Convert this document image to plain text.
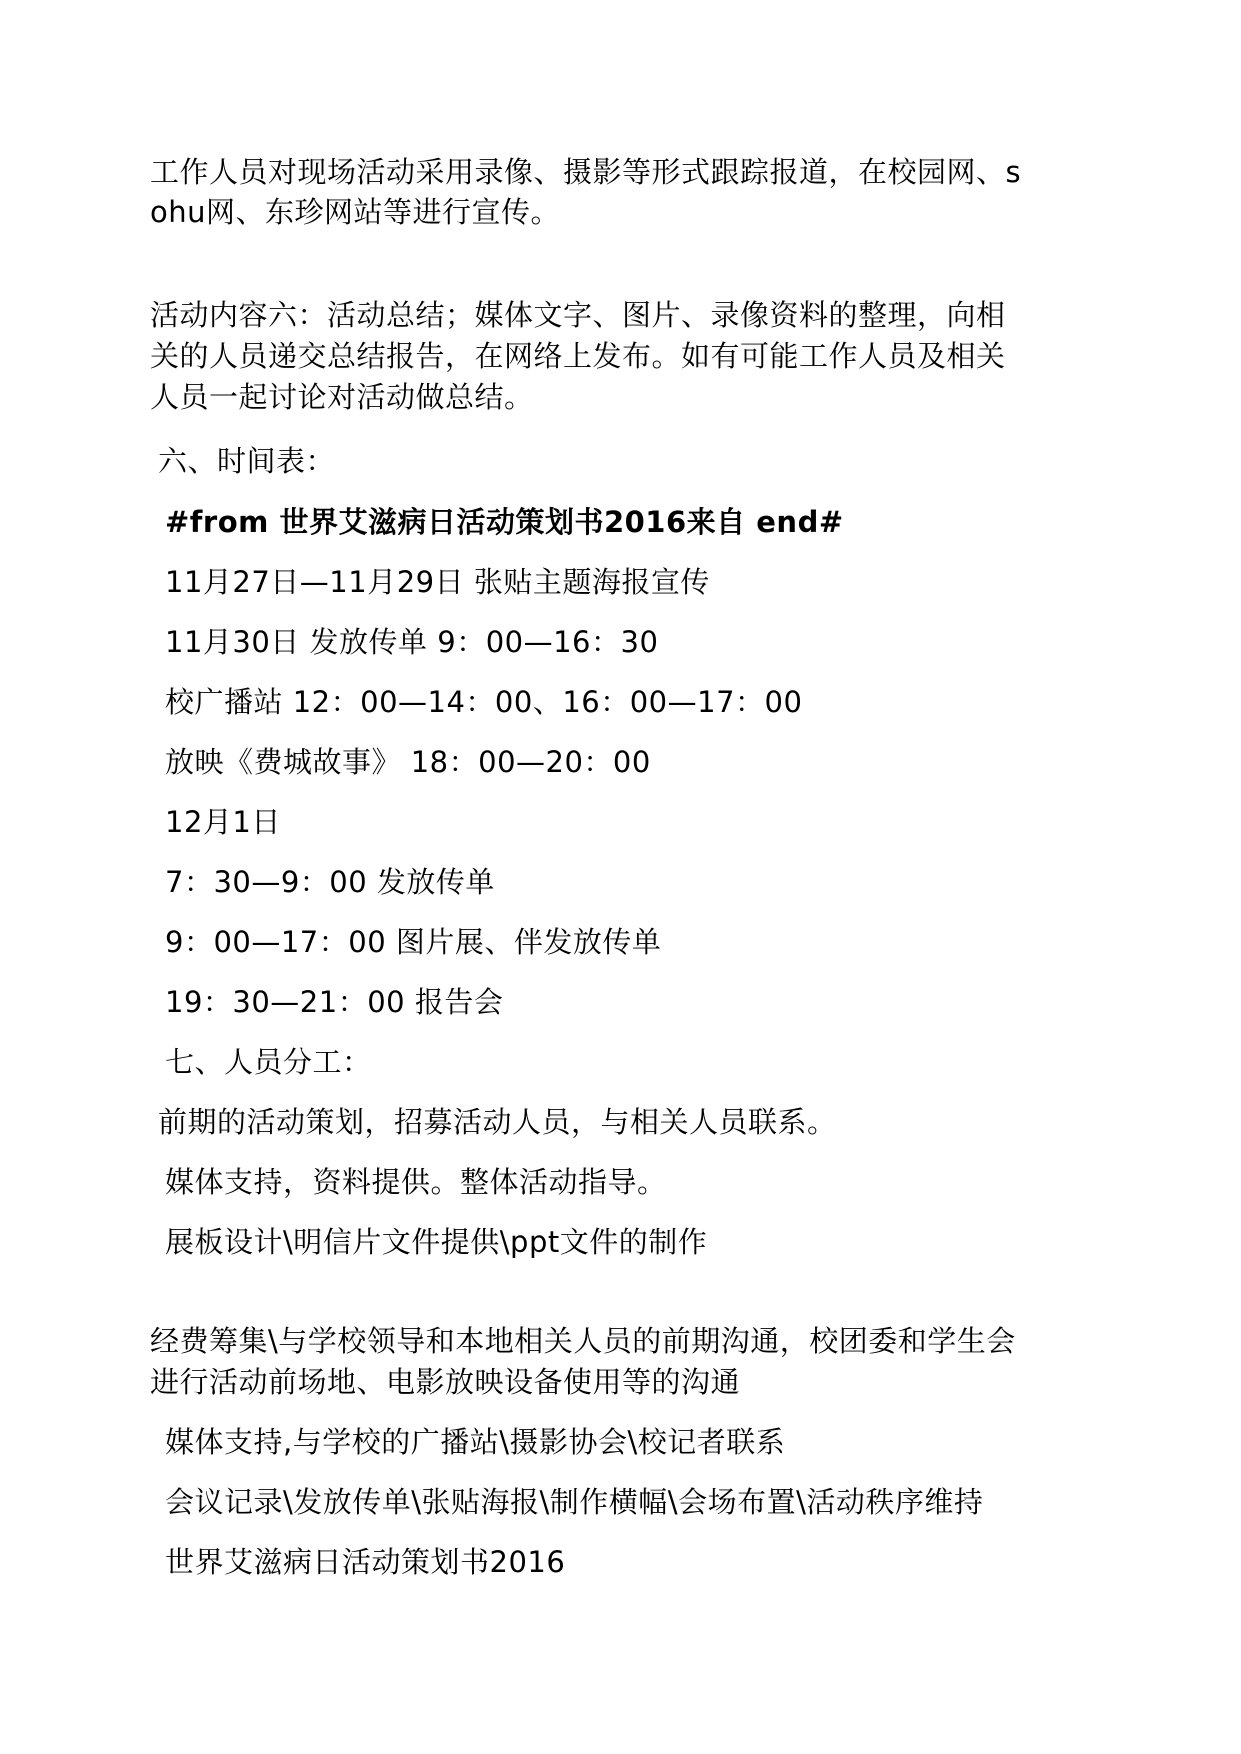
工作人员对现场活动采用录像、摄影等形式跟踪报道，在校园网、s
ohu网、东珍网站等进行宣传。
活动内容六：活动总结；媒体文字、图片、录像资料的整理，向相
关的人员递交总结报告，在网络上发布。如有可能工作人员及相关
人员一起讨论对活动做总结。
六、时间表：
#from 世界艾滋病日活动策划书2016来自 end#
11月27日—11月29日 张贴主题海报宣传
11月30日 发放传单 9：00—16：30
校广播站 12：00—14：00、16：00—17：00
放映《费城故事》 18：00—20：00
12月1日
7：30—9：00 发放传单
9：00—17：00 图片展、伴发放传单
19：30—21：00 报告会
七、人员分工：
前期的活动策划，招募活动人员，与相关人员联系。
媒体支持，资料提供。整体活动指导。
展板设计\明信片文件提供\ppt文件的制作
经费筹集\与学校领导和本地相关人员的前期沟通，校团委和学生会
进行活动前场地、电影放映设备使用等的沟通
媒体支持,与学校的广播站\摄影协会\校记者联系
会议记录\发放传单\张贴海报\制作横幅\会场布置\活动秩序维持
世界艾滋病日活动策划书2016
